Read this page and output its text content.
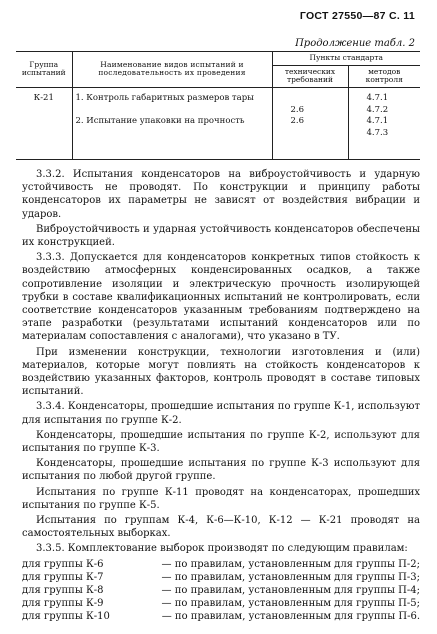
ГОСТ 27550—87 С. 11
Продолжение табл. 2
Группа испытаний	Наименование видов испытаний и последовательность их проведения	Пункты стандарта	
		технических требований	методов контроля
К-21	1. Контроль габаритных размеров тары		4.7.1
		2.6	4.7.2
	2. Испытание упаковки на прочность	2.6	4.7.1
			4.7.3

3.3.2. Испытания конденсаторов на виброустойчивость и ударную устойчивость не проводят. По конструкции и принципу работы конденсаторов их параметры не зависят от воздействия вибрации и ударов.

Виброустойчивость и ударная устойчивость конденсаторов обеспечены их конструкцией.

3.3.3. Допускается для конденсаторов конкретных типов стойкость к воздействию атмосферных конденсированных осадков, а также сопротивление изоляции и электрическую прочность изолирующей трубки в составе квалификационных испытаний не контролировать, если соответствие конденсаторов указанным требованиям подтверждено на этапе разработки (результатами испытаний конденсаторов или по материалам сопоставления с аналогами), что указано в ТУ.

При изменении конструкции, технологии изготовления и (или) материалов, которые могут повлиять на стойкость конденсаторов к воздействию указанных факторов, контроль проводят в составе типовых испытаний.

3.3.4. Конденсаторы, прошедшие испытания по группе К-1, используют для испытания по группе К-2.

Конденсаторы, прошедшие испытания по группе К-2, используют для испытания по группе К-3.

Конденсаторы, прошедшие испытания по группе К-3 используют для испытания по любой другой группе.

Испытания по группе К-11 проводят на конденсаторах, прошедших испытания по группе К-5.

Испытания по группам К-4, К-6—К-10, К-12 — К-21 проводят на самостоятельных выборках.

3.3.5. Комплектование выборок производят по следующим правилам:

для группы К-6	— по правилам, установленным для группы П-2;
для группы К-7	— по правилам, установленным для группы П-3;
для группы К-8	— по правилам, установленным для группы П-4;
для группы К-9	— по правилам, установленным для группы П-5;
для группы К-10	— по правилам, установленным для группы П-6.
